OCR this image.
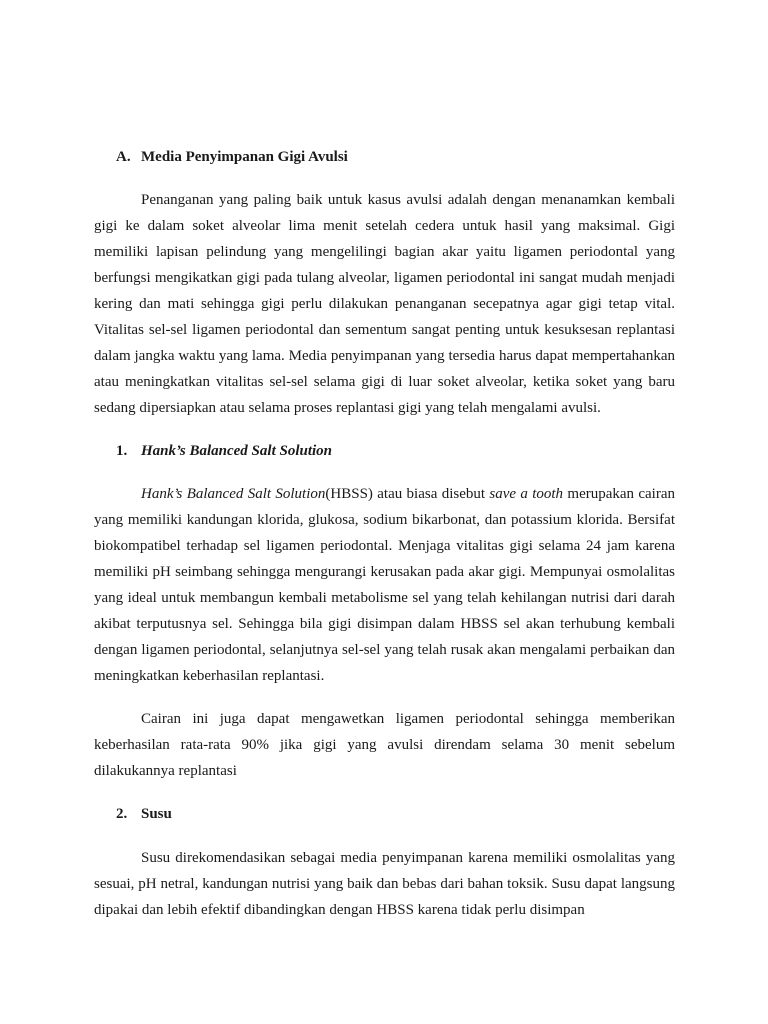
A. Media Penyimpanan Gigi Avulsi

Penanganan yang paling baik untuk kasus avulsi adalah dengan menanamkan kembali gigi ke dalam soket alveolar lima menit setelah cedera untuk hasil yang maksimal. Gigi memiliki lapisan pelindung yang mengelilingi bagian akar yaitu ligamen periodontal yang berfungsi mengikatkan gigi pada tulang alveolar, ligamen periodontal ini sangat mudah menjadi kering dan mati sehingga gigi perlu dilakukan penanganan secepatnya agar gigi tetap vital. Vitalitas sel-sel ligamen periodontal dan sementum sangat penting untuk kesuksesan replantasi dalam jangka waktu yang lama. Media penyimpanan yang tersedia harus dapat mempertahankan atau meningkatkan vitalitas sel-sel selama gigi di luar soket alveolar, ketika soket yang baru sedang dipersiapkan atau selama proses replantasi gigi yang telah mengalami avulsi.

1. Hank’s Balanced Salt Solution

Hank’s Balanced Salt Solution(HBSS) atau biasa disebut save a tooth merupakan cairan yang memiliki kandungan klorida, glukosa, sodium bikarbonat, dan potassium klorida. Bersifat biokompatibel terhadap sel ligamen periodontal. Menjaga vitalitas gigi selama 24 jam karena memiliki pH seimbang sehingga mengurangi kerusakan pada akar gigi. Mempunyai osmolalitas yang ideal untuk membangun kembali metabolisme sel yang telah kehilangan nutrisi dari darah akibat terputusnya sel. Sehingga bila gigi disimpan dalam HBSS sel akan terhubung kembali dengan ligamen periodontal, selanjutnya sel-sel yang telah rusak akan mengalami perbaikan dan meningkatkan keberhasilan replantasi.

Cairan ini juga dapat mengawetkan ligamen periodontal sehingga memberikan keberhasilan rata-rata 90% jika gigi yang avulsi direndam selama 30 menit sebelum dilakukannya replantasi

2. Susu

Susu direkomendasikan sebagai media penyimpanan karena memiliki osmolalitas yang sesuai, pH netral, kandungan nutrisi yang baik dan bebas dari bahan toksik. Susu dapat langsung dipakai dan lebih efektif dibandingkan dengan HBSS karena tidak perlu disimpan
